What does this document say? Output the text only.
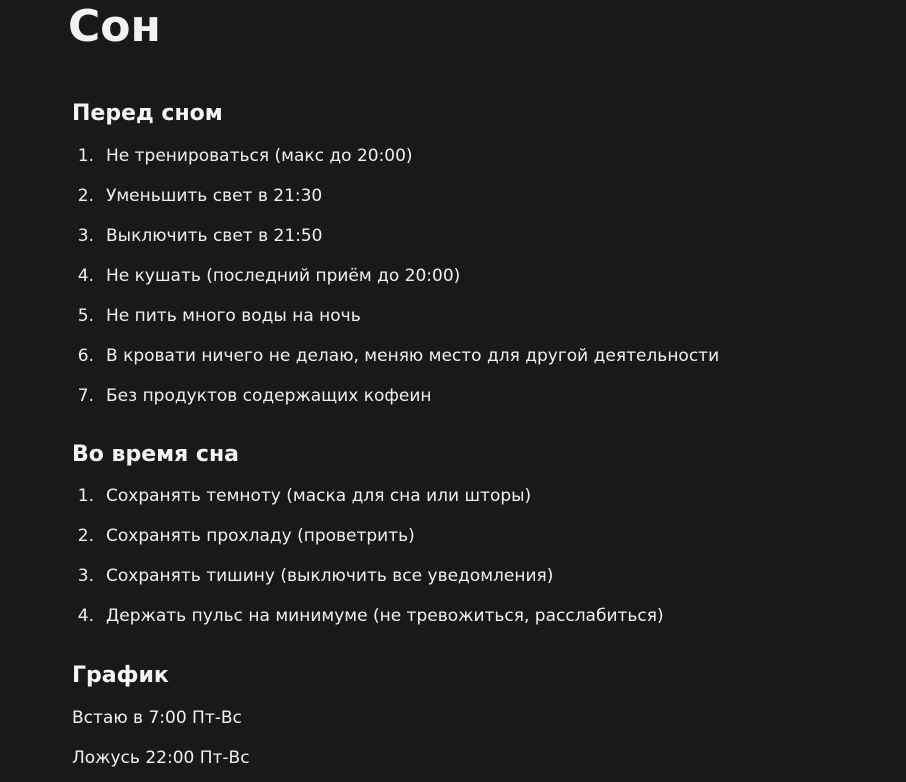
Сон
Перед сном
1. Не тренироваться (макс до 20:00)
2. Уменьшить свет в 21:30
3. Выключить свет в 21:50
4. Не кушать (последний приём до 20:00)
5. Не пить много воды на ночь
6. В кровати ничего не делаю, меняю место для другой деятельности
7. Без продуктов содержащих кофеин
Во время сна
1. Сохранять темноту (маска для сна или шторы)
2. Сохранять прохладу (проветрить)
3. Сохранять тишину (выключить все уведомления)
4. Держать пульс на минимуме (не тревожиться, расслабиться)
График

Встаю в 7:00 Пт-Вс

Ложусь 22:00 Пт-Вс
